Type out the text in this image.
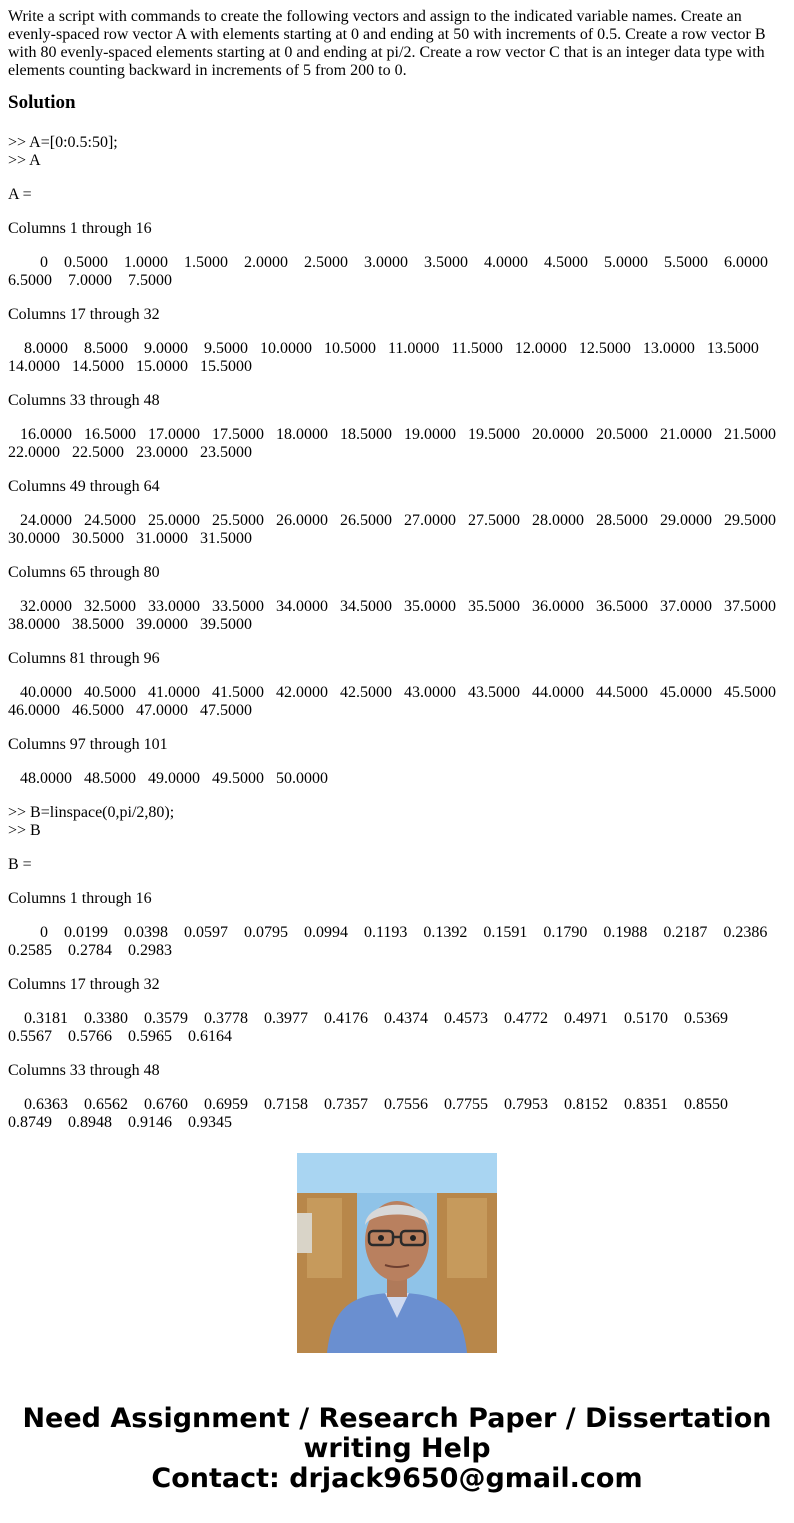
Write a script with commands to create the following vectors and assign to the indicated variable names. Create an evenly-spaced row vector A with elements starting at 0 and ending at 50 with increments of 0.5. Create a row vector B with 80 evenly-spaced elements starting at 0 and ending at pi/2. Create a row vector C that is an integer data type with elements counting backward in increments of 5 from 200 to 0.

Solution
>> A=[0:0.5:50];
>> A
A =
Columns 1 through 16
0    0.5000    1.0000    1.5000    2.0000    2.5000    3.0000    3.5000    4.0000    4.5000    5.0000    5.5000    6.0000
6.5000    7.0000    7.5000
Columns 17 through 32
8.0000    8.5000    9.0000    9.5000   10.0000   10.5000   11.0000   11.5000   12.0000   12.5000   13.0000   13.5000
14.0000   14.5000   15.0000   15.5000
Columns 33 through 48
16.0000   16.5000   17.0000   17.5000   18.0000   18.5000   19.0000   19.5000   20.0000   20.5000   21.0000   21.5000
22.0000   22.5000   23.0000   23.5000
Columns 49 through 64
24.0000   24.5000   25.0000   25.5000   26.0000   26.5000   27.0000   27.5000   28.0000   28.5000   29.0000   29.5000
30.0000   30.5000   31.0000   31.5000
Columns 65 through 80
32.0000   32.5000   33.0000   33.5000   34.0000   34.5000   35.0000   35.5000   36.0000   36.5000   37.0000   37.5000
38.0000   38.5000   39.0000   39.5000
Columns 81 through 96
40.0000   40.5000   41.0000   41.5000   42.0000   42.5000   43.0000   43.5000   44.0000   44.5000   45.0000   45.5000
46.0000   46.5000   47.0000   47.5000
Columns 97 through 101
48.0000   48.5000   49.0000   49.5000   50.0000
>> B=linspace(0,pi/2,80);
>> B
B =
Columns 1 through 16
0    0.0199    0.0398    0.0597    0.0795    0.0994    0.1193    0.1392    0.1591    0.1790    0.1988    0.2187    0.2386
0.2585    0.2784    0.2983
Columns 17 through 32
0.3181    0.3380    0.3579    0.3778    0.3977    0.4176    0.4374    0.4573    0.4772    0.4971    0.5170    0.5369
0.5567    0.5766    0.5965    0.6164
Columns 33 through 48
0.6363    0.6562    0.6760    0.6959    0.7158    0.7357    0.7556    0.7755    0.7953    0.8152    0.8351    0.8550
0.8749    0.8948    0.9146    0.9345
Need Assignment / Research Paper / Dissertation
writing Help
Contact: drjack9650@gmail.com
